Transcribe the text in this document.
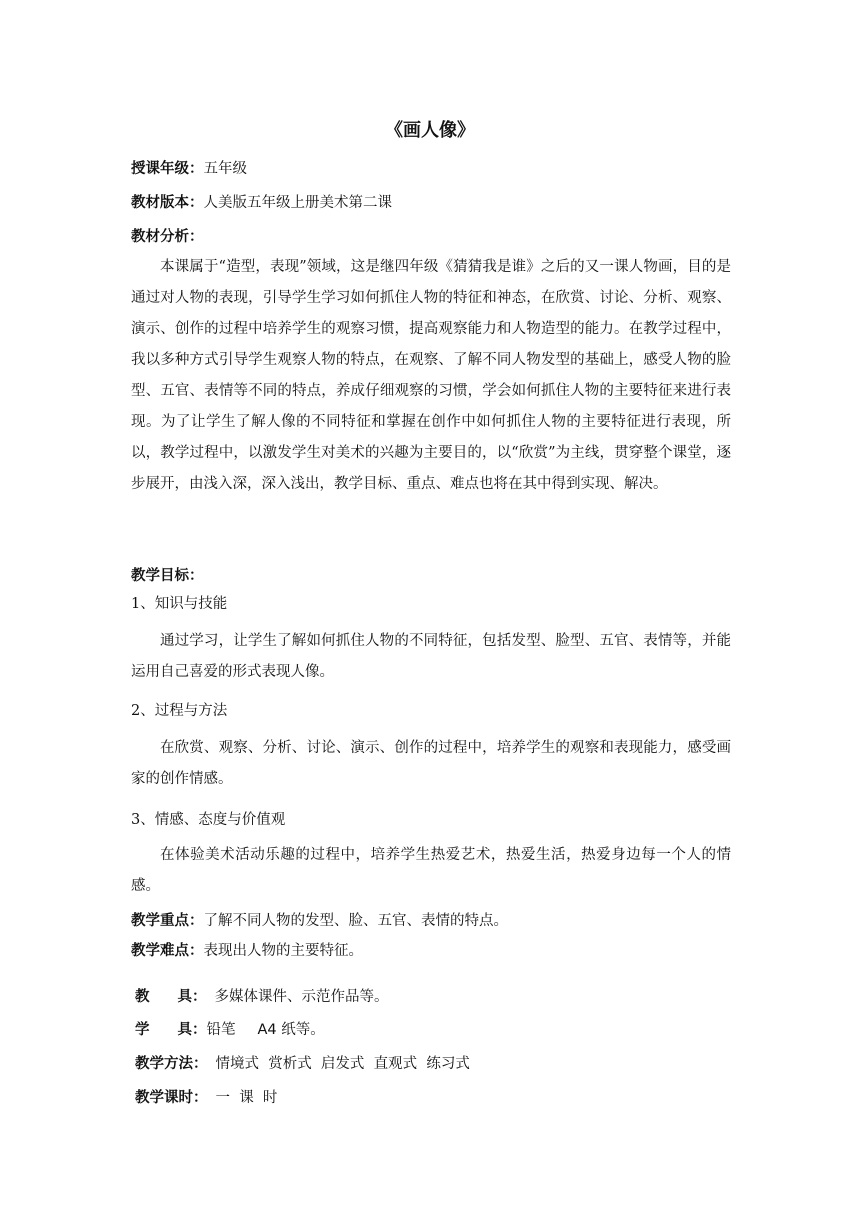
《画人像》
授课年级：五年级
教材版本：人美版五年级上册美术第二课
教材分析：
本课属于“造型，表现”领域，这是继四年级《猜猜我是谁》之后的又一课人物画，目的是通过对人物的表现，引导学生学习如何抓住人物的特征和神态，在欣赏、讨论、分析、观察、演示、创作的过程中培养学生的观察习惯，提高观察能力和人物造型的能力。在教学过程中，我以多种方式引导学生观察人物的特点，在观察、了解不同人物发型的基础上，感受人物的脸型、五官、表情等不同的特点，养成仔细观察的习惯，学会如何抓住人物的主要特征来进行表现。为了让学生了解人像的不同特征和掌握在创作中如何抓住人物的主要特征进行表现，所以，教学过程中，以激发学生对美术的兴趣为主要目的，以“欣赏”为主线，贯穿整个课堂，逐步展开，由浅入深，深入浅出，教学目标、重点、难点也将在其中得到实现、解决。
教学目标：
1、知识与技能
通过学习，让学生了解如何抓住人物的不同特征，包括发型、脸型、五官、表情等，并能运用自己喜爱的形式表现人像。
2、过程与方法
在欣赏、观察、分析、讨论、演示、创作的过程中，培养学生的观察和表现能力，感受画家的创作情感。
3、情感、态度与价值观
在体验美术活动乐趣的过程中，培养学生热爱艺术，热爱生活，热爱身边每一个人的情感。
教学重点：了解不同人物的发型、脸、五官、表情的特点。
教学难点：表现出人物的主要特征。
教 具： 多媒体课件、示范作品等。
学 具：铅笔 A4 纸等。
教学方法： 情境式  赏析式  启发式  直观式  练习式
教学课时： 一  课  时
